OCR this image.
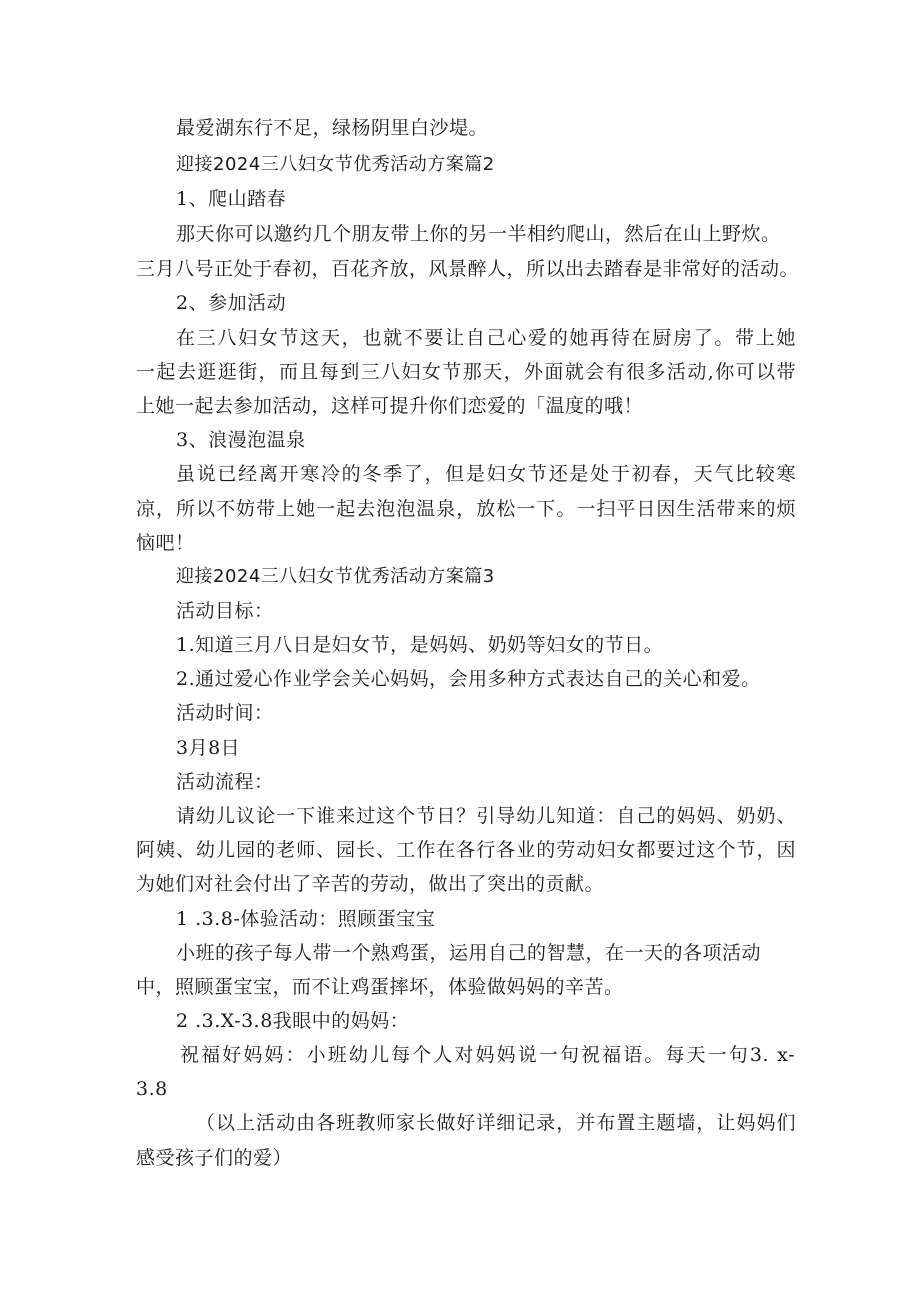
最爱湖东行不足，绿杨阴里白沙堤。
迎接2024三八妇女节优秀活动方案篇2
1、爬山踏春
那天你可以邀约几个朋友带上你的另一半相约爬山，然后在山上野炊。
三月八号正处于春初，百花齐放，风景醉人，所以出去踏春是非常好的活动。
2、参加活动
在三八妇女节这天，也就不要让自己心爱的她再待在厨房了。带上她
一起去逛逛街，而且每到三八妇女节那天，外面就会有很多活动,你可以带
上她一起去参加活动，这样可提升你们恋爱的「温度的哦！
3、浪漫泡温泉
虽说已经离开寒冷的冬季了，但是妇女节还是处于初春，天气比较寒
凉，所以不妨带上她一起去泡泡温泉，放松一下。一扫平日因生活带来的烦
恼吧！
迎接2024三八妇女节优秀活动方案篇3
活动目标：
1.知道三月八日是妇女节，是妈妈、奶奶等妇女的节日。
2.通过爱心作业学会关心妈妈，会用多种方式表达自己的关心和爱。
活动时间：
3月8日
活动流程：
请幼儿议论一下谁来过这个节日？引导幼儿知道：自己的妈妈、奶奶、
阿姨、幼儿园的老师、园长、工作在各行各业的劳动妇女都要过这个节，因
为她们对社会付出了辛苦的劳动，做出了突出的贡献。
1 .3.8-体验活动：照顾蛋宝宝
小班的孩子每人带一个熟鸡蛋，运用自己的智慧，在一天的各项活动
中，照顾蛋宝宝，而不让鸡蛋摔坏，体验做妈妈的辛苦。
2 .3.X-3.8我眼中的妈妈：
祝福好妈妈：小班幼儿每个人对妈妈说一句祝福语。每天一句3. x-
3.8
（以上活动由各班教师家长做好详细记录，并布置主题墙，让妈妈们
感受孩子们的爱）
